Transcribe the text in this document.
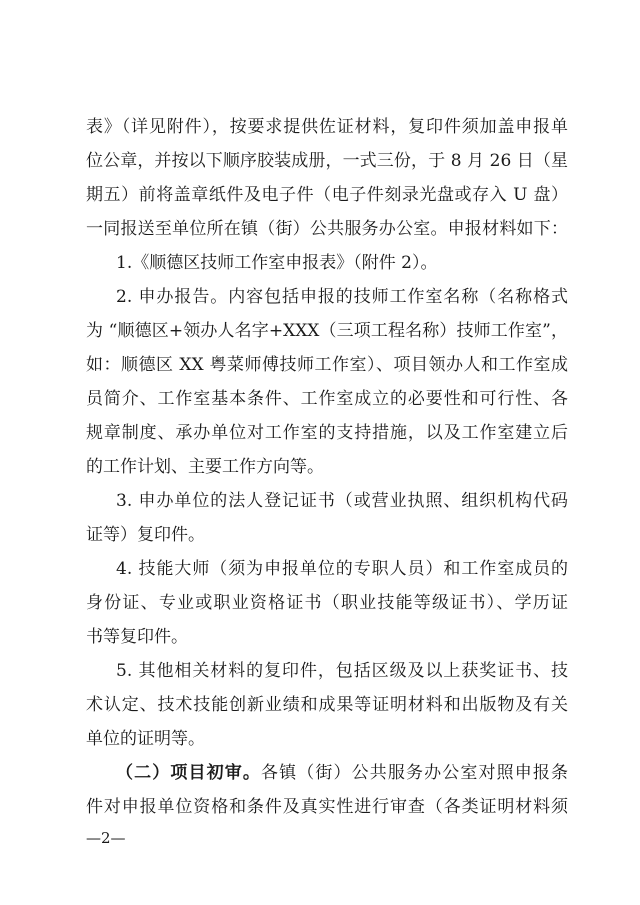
表》（详见附件），按要求提供佐证材料，复印件须加盖申报单
位公章，并按以下顺序胶装成册，一式三份，于 8 月 26 日（星
期五）前将盖章纸件及电子件（电子件刻录光盘或存入 U 盘）
一同报送至单位所在镇（街）公共服务办公室。申报材料如下：
1.《顺德区技师工作室申报表》（附件 2）。
2. 申办报告。内容包括申报的技师工作室名称（名称格式
为 “顺德区+领办人名字+XXX（三项工程名称）技师工作室”，
如：顺德区 XX 粤菜师傅技师工作室）、项目领办人和工作室成
员简介、工作室基本条件、工作室成立的必要性和可行性、各
规章制度、承办单位对工作室的支持措施，以及工作室建立后
的工作计划、主要工作方向等。
3. 申办单位的法人登记证书（或营业执照、组织机构代码
证等）复印件。
4. 技能大师（须为申报单位的专职人员）和工作室成员的
身份证、专业或职业资格证书（职业技能等级证书）、学历证
书等复印件。
5. 其他相关材料的复印件，包括区级及以上获奖证书、技
术认定、技术技能创新业绩和成果等证明材料和出版物及有关
单位的证明等。
（二）项目初审。各镇（街）公共服务办公室对照申报条
件对申报单位资格和条件及真实性进行审查（各类证明材料须
—2—
